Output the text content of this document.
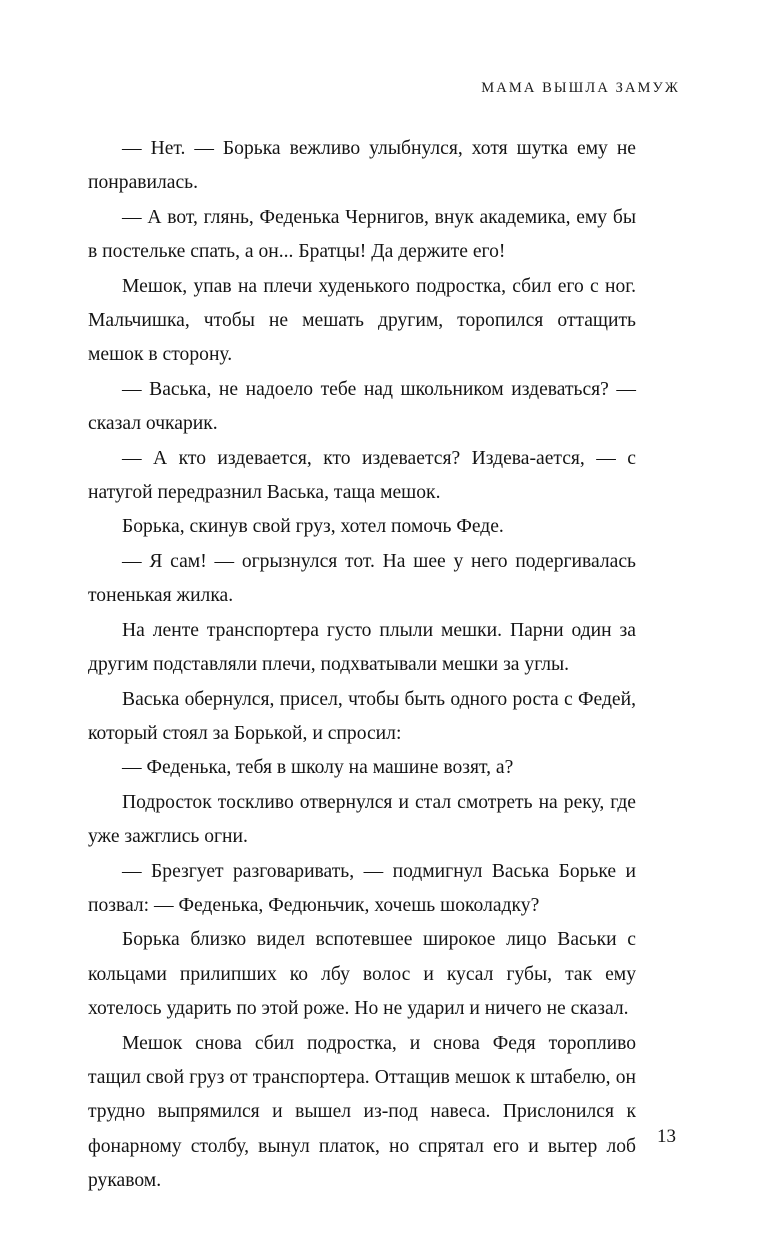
МАМА ВЫШЛА ЗАМУЖ

— Нет. — Борька вежливо улыбнулся, хотя шутка ему не понравилась.

— А вот, глянь, Феденька Чернигов, внук академика, ему бы в постельке спать, а он... Братцы! Да держите его!

Мешок, упав на плечи худенького подростка, сбил его с ног. Мальчишка, чтобы не мешать другим, торопился оттащить мешок в сторону.

— Васька, не надоело тебе над школьником издеваться? — сказал очкарик.

— А кто издевается, кто издевается? Издева-ается, — с натугой передразнил Васька, таща мешок.

Борька, скинув свой груз, хотел помочь Феде.

— Я сам! — огрызнулся тот. На шее у него подергивалась тоненькая жилка.

На ленте транспортера густо плыли мешки. Парни один за другим подставляли плечи, подхватывали мешки за углы.

Васька обернулся, присел, чтобы быть одного роста с Федей, который стоял за Борькой, и спросил:

— Феденька, тебя в школу на машине возят, а?

Подросток тоскливо отвернулся и стал смотреть на реку, где уже зажглись огни.

— Брезгует разговаривать, — подмигнул Васька Борьке и позвал: — Феденька, Федюньчик, хочешь шоколадку?

Борька близко видел вспотевшее широкое лицо Васьки с кольцами прилипших ко лбу волос и кусал губы, так ему хотелось ударить по этой роже. Но не ударил и ничего не сказал.

Мешок снова сбил подростка, и снова Федя торопливо тащил свой груз от транспортера. Оттащив мешок к штабелю, он трудно выпрямился и вышел из-под навеса. Прислонился к фонарному столбу, вынул платок, но спрятал его и вытер лоб рукавом.

13
